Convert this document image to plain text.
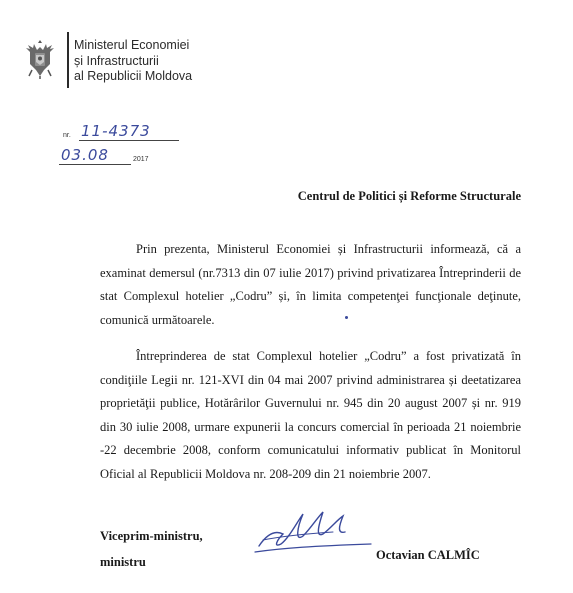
Ministerul Economiei
și Infrastructurii
al Republicii Moldova
nr. 11-4373
03.08	2017
Centrul de Politici și Reforme Structurale

Prin prezenta, Ministerul Economiei și Infrastructurii informează, că a examinat demersul (nr.7313 din 07 iulie 2017) privind privatizarea Întreprinderii de stat Complexul hotelier „Codru” și, în limita competenţei funcţionale deţinute, comunică următoarele.

Întreprinderea de stat Complexul hotelier „Codru” a fost privatizată în condiţiile Legii nr. 121-XVI din 04 mai 2007 privind administrarea și deetatizarea proprietăţii publice, Hotărârilor Guvernului nr. 945 din 20 august 2007 și nr. 919 din 30 iulie 2008, urmare expunerii la concurs comercial în perioada 21 noiembrie -22 decembrie 2008, conform comunicatului informativ publicat în Monitorul Oficial al Republicii Moldova nr. 208-209 din 21 noiembrie 2007.

Viceprim-ministru,
ministru	Octavian CALMÎC
